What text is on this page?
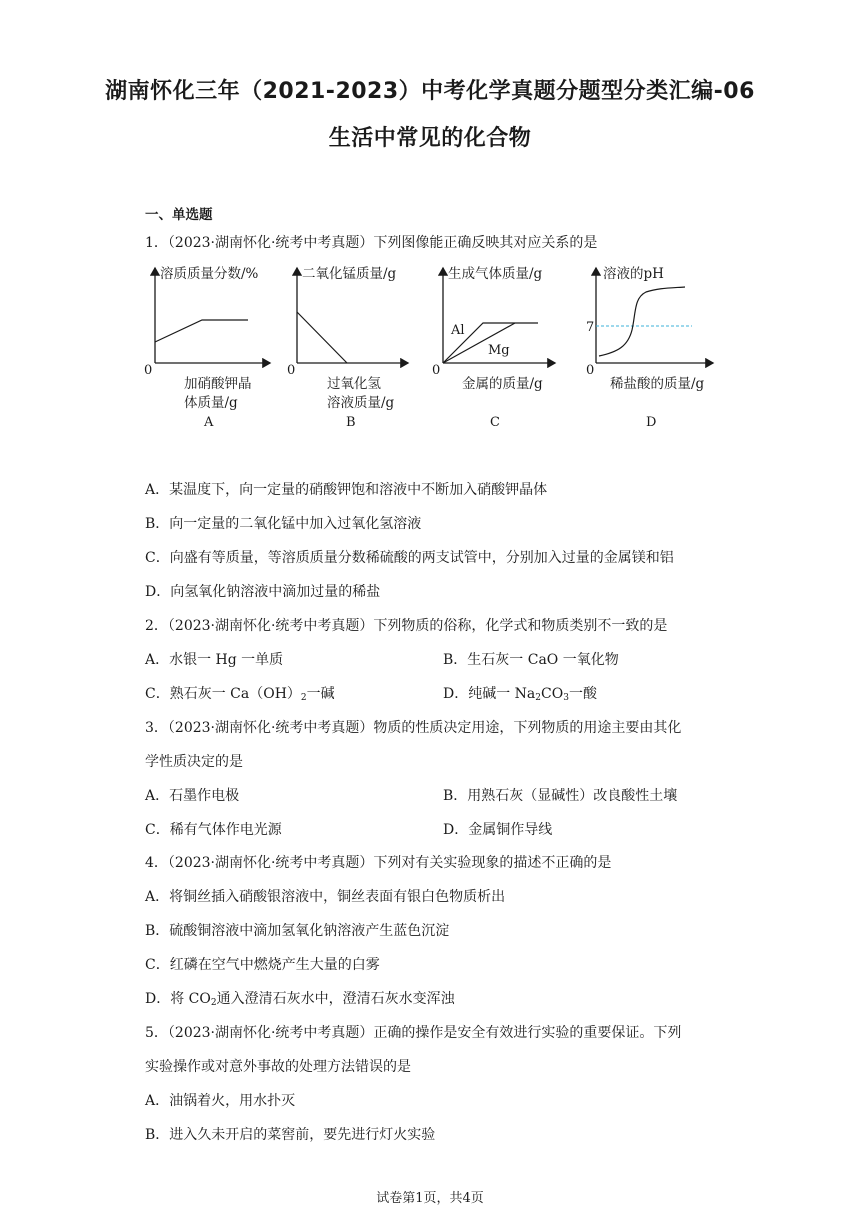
湖南怀化三年（2021-2023）中考化学真题分题型分类汇编-06
生活中常见的化合物
一、单选题
1．（2023·湖南怀化·统考中考真题）下列图像能正确反映其对应关系的是
溶质质量分数/%
0
加硝酸钾晶
体质量/g
A
二氧化锰质量/g
0
过氧化氢
溶液质量/g
B
生成气体质量/g
Al
Mg
0
金属的质量/g
C
溶液的pH
7
0
稀盐酸的质量/g
D
A．某温度下，向一定量的硝酸钾饱和溶液中不断加入硝酸钾晶体
B．向一定量的二氧化锰中加入过氧化氢溶液
C．向盛有等质量，等溶质质量分数稀硫酸的两支试管中，分别加入过量的金属镁和铝
D．向氢氧化钠溶液中滴加过量的稀盐
2．（2023·湖南怀化·统考中考真题）下列物质的俗称，化学式和物质类别不一致的是
A．水银一 Hg 一单质	B．生石灰一 CaO 一氧化物
C．熟石灰一 $Ca(OH)_2$一碱	D．纯碱一 $Na_2CO_3$一酸
3．（2023·湖南怀化·统考中考真题）物质的性质决定用途，下列物质的用途主要由其化
学性质决定的是
A．石墨作电极	B．用熟石灰（显碱性）改良酸性土壤
C．稀有气体作电光源	D．金属铜作导线
4．（2023·湖南怀化·统考中考真题）下列对有关实验现象的描述不正确的是
A．将铜丝插入硝酸银溶液中，铜丝表面有银白色物质析出
B．硫酸铜溶液中滴加氢氧化钠溶液产生蓝色沉淀
C．红磷在空气中燃烧产生大量的白雾
D．将 $CO_2$通入澄清石灰水中，澄清石灰水变浑浊
5．（2023·湖南怀化·统考中考真题）正确的操作是安全有效进行实验的重要保证。下列
实验操作或对意外事故的处理方法错误的是
A．油锅着火，用水扑灭
B．进入久未开启的菜窖前，要先进行灯火实验
试卷第1页，共4页
